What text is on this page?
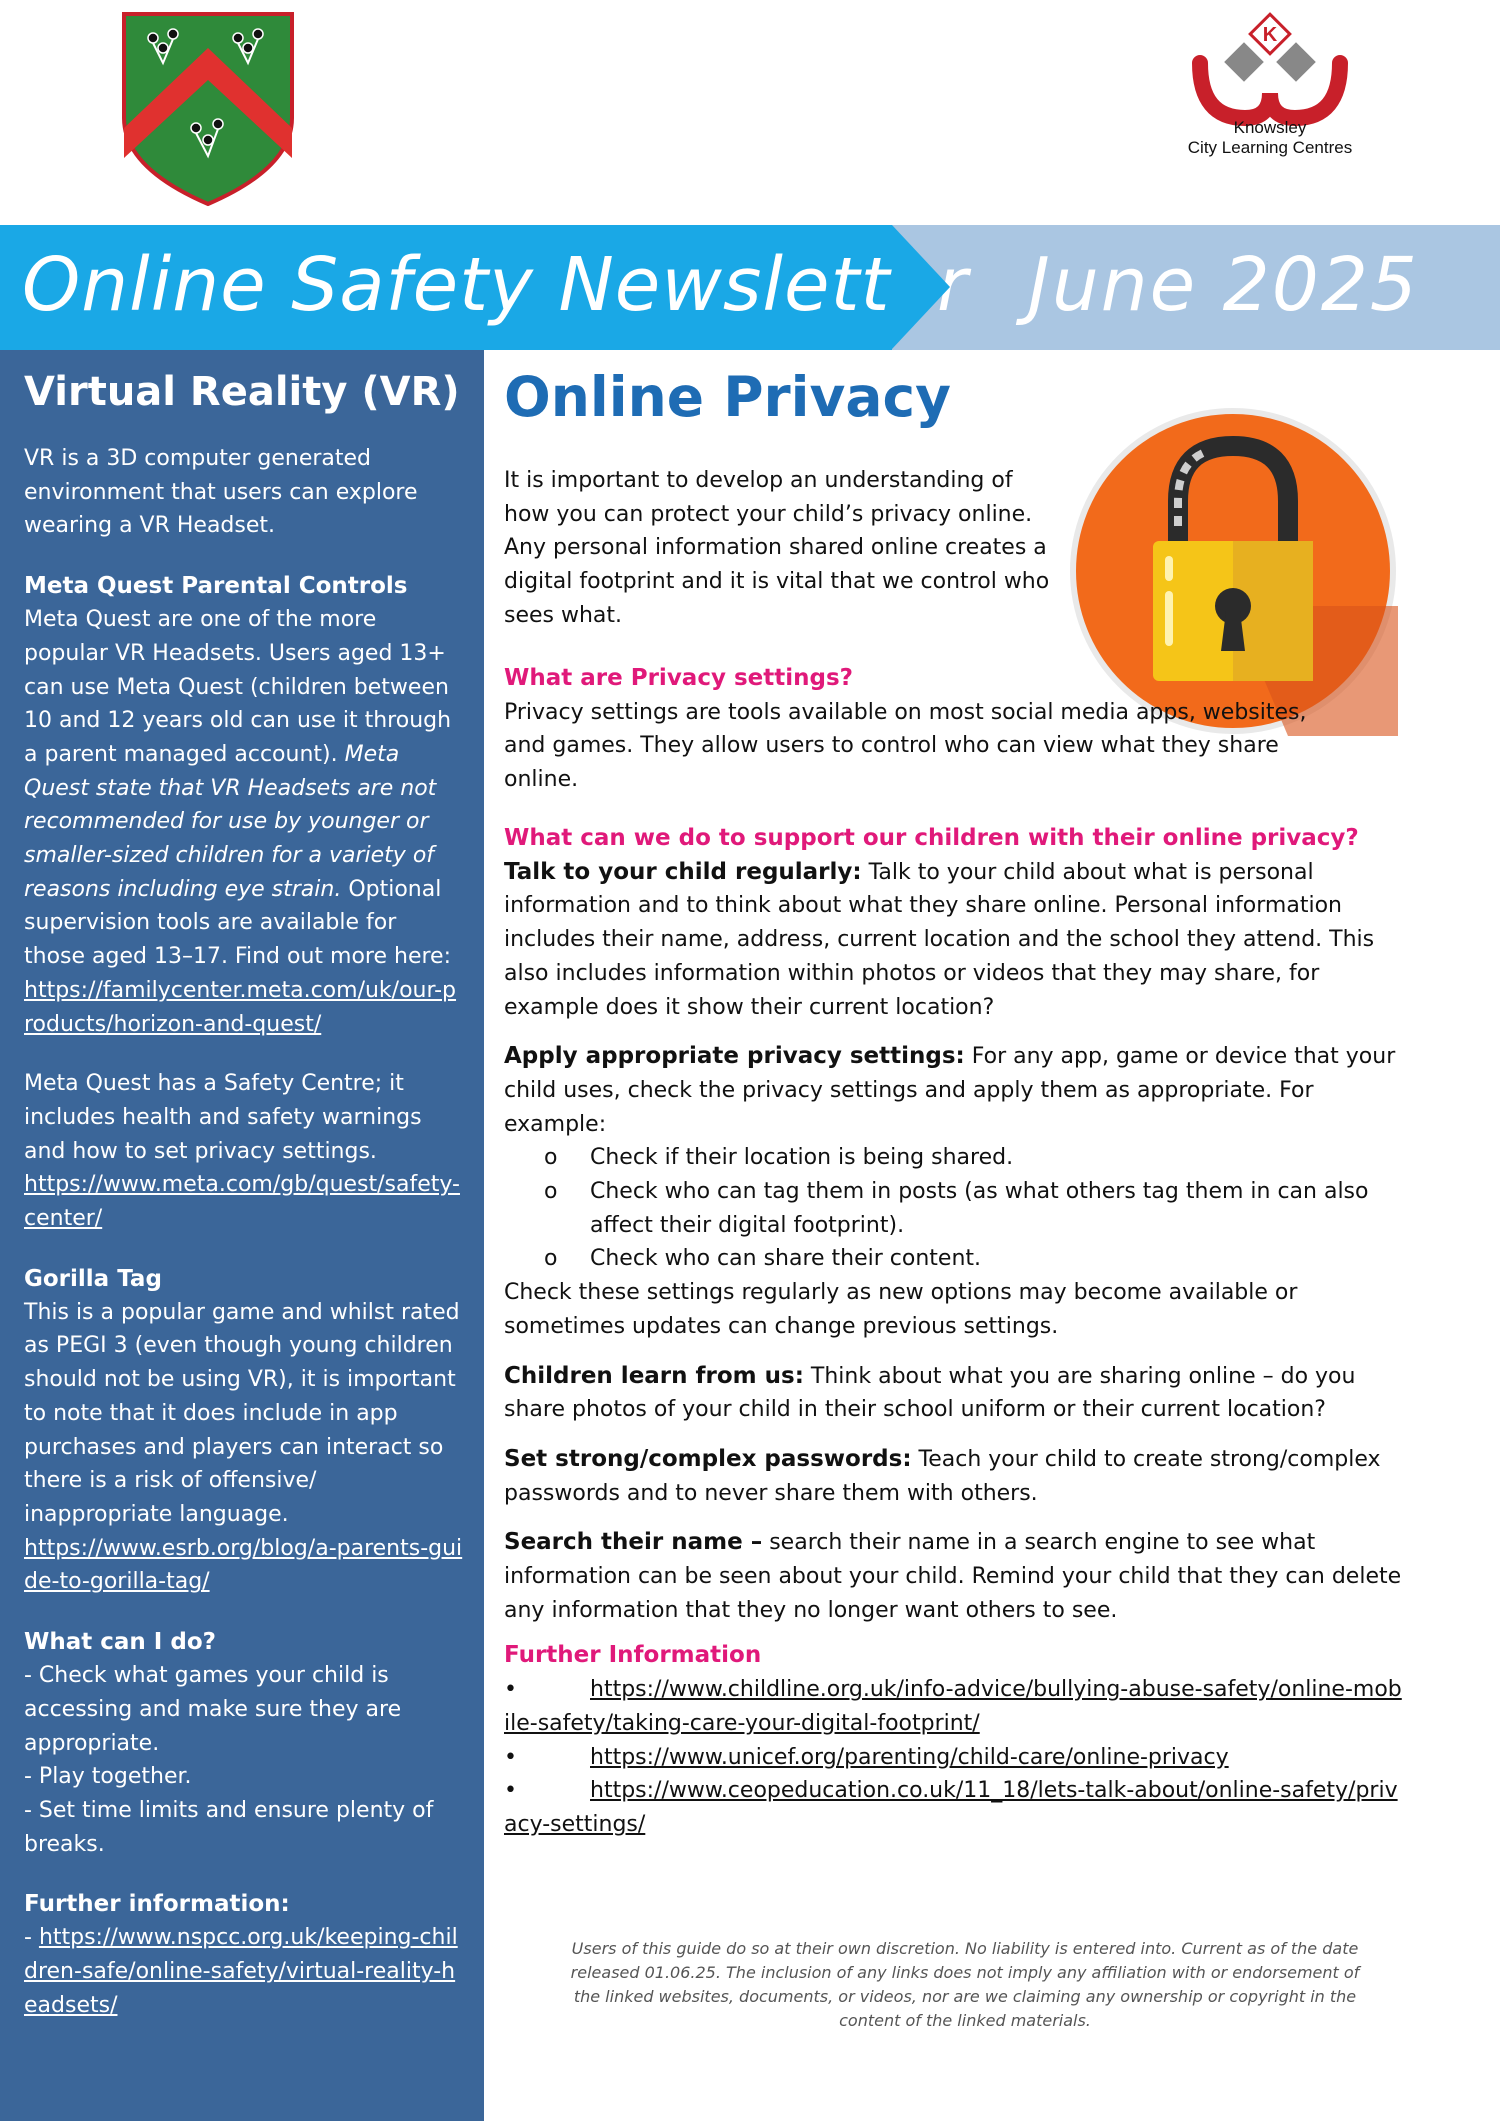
K
Knowsley
City Learning Centres
Online Safety Newsletter June 2025
Virtual Reality (VR)

VR is a 3D computer generated environment that users can explore wearing a VR Headset.

Meta Quest Parental Controls

Meta Quest are one of the more popular VR Headsets. Users aged 13+ can use Meta Quest (children between 10 and 12 years old can use it through a parent managed account). Meta Quest state that VR Headsets are not recommended for use by younger or smaller-sized children for a variety of reasons including eye strain. Optional supervision tools are available for those aged 13–17. Find out more here:
https://familycenter.meta.com/uk/our-products/horizon-and-quest/

Meta Quest has a Safety Centre; it includes health and safety warnings and how to set privacy settings.
https://www.meta.com/gb/quest/safety-center/

Gorilla Tag

This is a popular game and whilst rated as PEGI 3 (even though young children should not be using VR), it is important to note that it does include in app purchases and players can interact so there is a risk of offensive/ inappropriate language.
https://www.esrb.org/blog/a-parents-guide-to-gorilla-tag/

What can I do?

- Check what games your child is accessing and make sure they are appropriate.

- Play together.

- Set time limits and ensure plenty of breaks.

Further information:

- https://www.nspcc.org.uk/keeping-children-safe/online-safety/virtual-reality-headsets/

Online Privacy

It is important to develop an understanding of how you can protect your child’s privacy online. Any personal information shared online creates a digital footprint and it is vital that we control who sees what.

What are Privacy settings?

Privacy settings are tools available on most social media apps, websites, and games. They allow users to control who can view what they share online.

What can we do to support our children with their online privacy?

Talk to your child regularly: Talk to your child about what is personal information and to think about what they share online. Personal information includes their name, address, current location and the school they attend. This also includes information within photos or videos that they may share, for example does it show their current location?

Apply appropriate privacy settings: For any app, game or device that your child uses, check the privacy settings and apply them as appropriate. For example:

o	Check if their location is being shared.
o	Check who can tag them in posts (as what others tag them in can also affect their digital footprint).
o	Check who can share their content.

Check these settings regularly as new options may become available or sometimes updates can change previous settings.

Children learn from us: Think about what you are sharing online – do you share photos of your child in their school uniform or their current location?

Set strong/complex passwords: Teach your child to create strong/complex passwords and to never share them with others.

Search their name – search their name in a search engine to see what information can be seen about your child. Remind your child that they can delete any information that they no longer want others to see.

Further Information
•	https://www.childline.org.uk/info-advice/bullying-abuse-safety/online-mobile-safety/taking-care-your-digital-footprint/
•	https://www.unicef.org/parenting/child-care/online-privacy
•	https://www.ceopeducation.co.uk/11_18/lets-talk-about/online-safety/privacy-settings/

Users of this guide do so at their own discretion. No liability is entered into. Current as of the date released 01.06.25. The inclusion of any links does not imply any affiliation with or endorsement of the linked websites, documents, or videos, nor are we claiming any ownership or copyright in the content of the linked materials.
